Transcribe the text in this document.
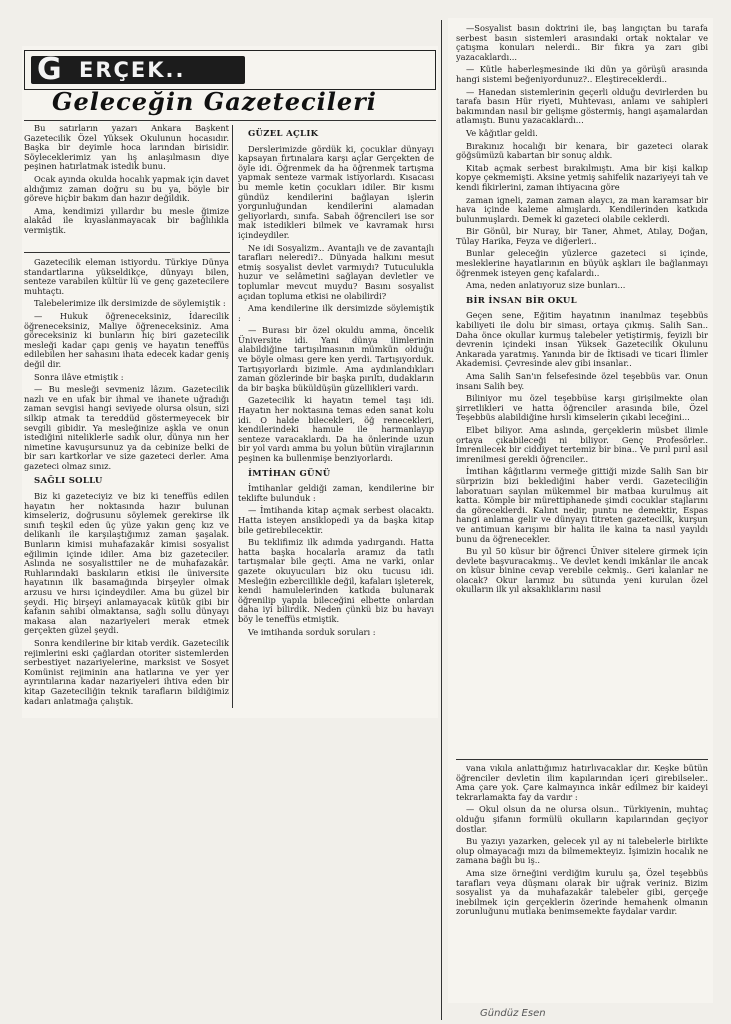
G ERÇEK..
Geleceğin Gazetecileri

Bu satırların yazarı Ankara Başkent Gazetecilik Özel Yüksek Okulunun hocasıdır. Başka bir deyimle hoca larından birisidir. Söyleceklerimiz yan lış anlaşılmasın diye peşinen hatırlatmak istedik bunu.

Ocak ayında okulda hocalık yapmak için davet aldığımız zaman doğru su bu ya, böyle bir göreve hiçbir bakım dan hazır değildik.

Ama, kendimizi yıllardır bu mesle ğimize alakâd ile kıyaslanmayacak bir bağlılıkla vermiştik.

Gazetecilik eleman istiyordu. Türkiye Dünya standartlarına yükseldikçe, dünyayı bilen, senteze varabilen kültür lü ve genç gazetecilere muhtaçtı.

Talebelerimize ilk dersimizde de söylemiştik :

— Hukuk öğreneceksiniz, İdarecilik öğreneceksiniz, Maliye öğreneceksiniz. Ama göreceksiniz ki bunların hiç biri gazetecilik mesleği kadar çapı geniş ve hayatın teneffüs edilebilen her sahasını ihata edecek kadar geniş değil dir.

Sonra ilâve etmiştik :

— Bu mesleği sevmeniz lâzım. Gazetecilik nazlı ve en ufak bir ihmal ve ihanete uğradığı zaman sevgisi hangi seviyede olursa olsun, sizi silkip atmak ta tereddüd göstermeyecek bir sevgili gibidir. Ya mesleğinize aşkla ve onun istediğini niteliklerle sadık olur, dünya nın her nimetine kavuşursunuz ya da cebinize belki de bir sarı kartkorlar ve size gazeteci derler. Ama gazeteci olmaz sınız.

SAĞLI SOLLU

Biz ki gazeteciyiz ve biz ki teneffüs edilen hayatın her noktasında hazır bulunan kimseleriz, doğrusunu söylemek gerekirse ilk sınıfı teşkil eden üç yüze yakın genç kız ve delikanlı ile karşılaştığımız zaman şaşalak. Bunların kimisi muhafazakâr kimisi sosyalist eğilimin içinde idiler. Ama biz gazeteciler. Aslında ne sosyalisttiler ne de muhafazakâr. Ruhlarındaki baskıların etkisi ile üniversite hayatının ilk basamağında birşeyler olmak arzusu ve hırsı içindeydiler. Ama bu güzel bir şeydi. Hiç birşeyi anlamayacak kütük gibi bir kafanın sahibi olmaktansa, sağlı sollu dünyayı makasa alan nazariyeleri merak etmek gerçekten güzel şeydi.

Sonra kendilerine bir kitab verdik. Gazetecilik rejimlerini eski çağlardan otoriter sistemlerden serbestiyet nazariyelerine, marksist ve Sosyet Komünist rejiminin ana hatlarına ve yer yer ayrıntılarına kadar nazariyeleri ihtiva eden bir kitap Gazeteciliğin teknik tarafların bildiğimiz kadarı anlatmağa çalıştık.

GÜZEL AÇLIK

Derslerimizde gördük ki, çocuklar dünyayı kapsayan fırtınalara karşı açlar Gerçekten de öyle idi. Öğrenmek da ha öğrenmek tartışma yapmak senteze varmak istiyorlardı. Kısacası bu memle ketin çocukları idiler. Bir kısmı gündüz kendilerini bağlayan işlerin yorgunluğundan kendilerini alamadan geliyorlardı, sınıfa. Sabah öğrencileri ise sor mak istedikleri bilmek ve kavramak hırsı içindeydiler.

Ne idi Sosyalizm.. Avantajlı ve de zavantajlı tarafları neleredi?.. Dünyada halkını mesut etmiş sosyalist devlet varmıydı? Tutuculukla huzur ve selâmetini sağlayan devletler ve toplumlar mevcut muydu? Basını sosyalist açıdan topluma etkisi ne olabilirdi?

Ama kendilerine ilk dersimizde söylemiştik :

— Burası bir özel okuldu amma, öncelik Üniversite idi. Yani dünya ilimlerinin alabildiğine tartışılmasının mümkün olduğu ve böyle olması gere ken yerdi. Tartışıyorduk. Tartışıyorlardı bizimle. Ama aydınlandıkları zaman gözlerinde bir başka pırıltı, dudakların da bir başka büküldüşün güzellikleri vardı.

Gazetecilik ki hayatın temel taşı idi. Hayatın her noktasına temas eden sanat kolu idi. O halde bilecekleri, öğ renecekleri, kendilerindeki hamule ile harmanlayıp senteze varacaklardı. Da ha önlerinde uzun bir yol vardı amma bu yolun bütün virajlarının peşinen ka bullenmişe benziyorlardı.

İMTİHAN GÜNÜ

İmtihanlar geldiği zaman, kendilerine bir teklifte bulunduk :

— İmtihanda kitap açmak serbest olacaktı. Hatta isteyen ansiklopedi ya da başka kitap bile getirebilecektir.

Bu teklifimiz ilk adımda yadırgandı. Hatta hatta başka hocalarla aramız da tatlı tartışmalar bile geçti. Ama ne varki, onlar gazete okuyucuları biz oku tucusu idi. Mesleğin ezbercillikle değil, kafaları işleterek, kendi hamulelerinden katkıda bulunarak öğrenilip yapıla bileceğini elbette onlardan daha iyi bilirdik. Neden çünkü biz bu havayı böy le teneffüs etmiştik.

Ve imtihanda sorduk soruları :

—Sosyalist basın doktrini ile, baş langıçtan bu tarafa serbest basın sistemleri arasındaki ortak noktalar ve çatışma konuları nelerdi.. Bir fıkra ya zarı gibi yazacaklardı...

— Kütle haberleşmesinde iki dün ya görüşü arasında hangi sistemi beğeniyordunuz?.. Eleştireceklerdi..

— Hanedan sistemlerinin geçerli olduğu devirlerden bu tarafa basın Hür riyeti, Muhtevası, anlamı ve sahipleri bakımından nasıl bir gelişme göstermiş, hangi aşamalardan atlamıştı. Bunu yazacaklardı...

Ve kâğıtlar geldi.

Bırakınız hocalığı bir kenara, bir gazeteci olarak göğsümüzü kabartan bir sonuç aldık.

Kitab açmak serbest bırakılmıştı. Ama bir kişi kalkıp kopye çekmemişti. Aksine yetmiş sahifelik nazariyeyi tah ve kendi fikirlerini, zaman ihtiyacına göre

zaman igneli, zaman zaman alaycı, za man karamsar bir hava içinde kaleme almışlardı. Kendilerinden katkıda bulunmuşlardı. Demek ki gazeteci olabile ceklerdi.

Bir Gönül, bir Nuray, bir Taner, Ahmet, Atılay, Doğan, Tülay Harika, Feyza ve diğerleri..

Bunlar geleceğin yüzlerce gazeteci si içinde, mesleklerine hayatlarının en büyük aşkları ile bağlanmayı öğrenmek isteyen genç kafalardı..

Ama, neden anlatıyoruz size bunları...

BİR İNSAN BİR OKUL

Geçen sene, Eğitim hayatının inanılmaz teşebbüs kabiliyeti ile dolu bir siması, ortaya çıkmış. Salih San.. Daha önce okullar kurmuş talebeler yetiştirmiş, feyizli bir devrenin içindeki insan Yüksek Gazetecilik Okulunu Ankarada yaratmış. Yanında bir de İktisadi ve ticari İlimler Akademisi. Çevresinde alev gibi insanlar..

Ama Salih San'ın felsefesinde özel teşebbüs var. Onun insanı Salih bey.

Biliniyor mu özel teşebbüse karşı girişilmekte olan şirretlikleri ve hatta öğrenciler arasında bile, Özel Teşebbüs alabildiğine hırslı kimselerin çıkabi leceğini...

Elbet biliyor. Ama aslında, gerçeklerin müsbet ilimle ortaya çıkabileceği ni biliyor. Genç Profesörler.. İmrenilecek bir ciddiyet tertemiz bir bina.. Ve pırıl pırıl asıl imrenilmesi gerekli öğrenciler..

İmtihan kâğıtlarını vermeğe gittiği mizde Salih San bir sürprizin bizi beklediğini haber verdi. Gazeteciliğin laboratuarı sayılan mükemmel bir matbaa kurulmuş ait katta. Kömple bir mürettiphanede şimdi cocuklar stajlarını da göreceklerdi. Kalınt nedir, puntu ne demektir, Espas hangi anlama gelir ve dünyayı titreten gazetecilik, kurşun ve antimuan karışımı bir halita ile kaina ta nasıl yayıldı bunu da öğrenecekler.

Bu yıl 50 küsur bir öğrenci Üniver sitelere girmek için devlete başvuracakmış.. Ve devlet kendi imkânlar ile ancak on küsur binine cevap verebile cekmiş.. Geri kalanlar ne olacak? Okur larımız bu sütunda yeni kurulan özel okulların ilk yıl aksaklıklarını nasıl

vana vıkıla anlattığımız hatırlıvacaklar dır. Keşke bütün öğrenciler devletin ilim kapılarından içeri girebilseler.. Ama çare yok. Çare kalmayınca inkâr edilmez bir kaideyi tekrarlamakta fay da vardır :

— Okul olsun da ne olursa olsun.. Türkiyenin, muhtaç olduğu şifanın formülü okulların kapılarından geçiyor dostlar.

Bu yazıyı yazarken, gelecek yıl ay ni talebelerle birlikte olup olmayacağı mızı da bilmemekteyiz. İşimizin hocalık ne zamana bağlı bu iş..

Ama size örneğini verdiğim kurulu şa, Özel teşebbüs tarafları veya düşmanı olarak bir uğrak veriniz. Bizim sosyalist ya da muhafazakâr talebeler gibi, gerçeğe inebilmek için gerçeklerin özerinde hemahenk olmanın zorunluğunu mutlaka benimsemekte faydalar vardır.

Gündüz Esen
